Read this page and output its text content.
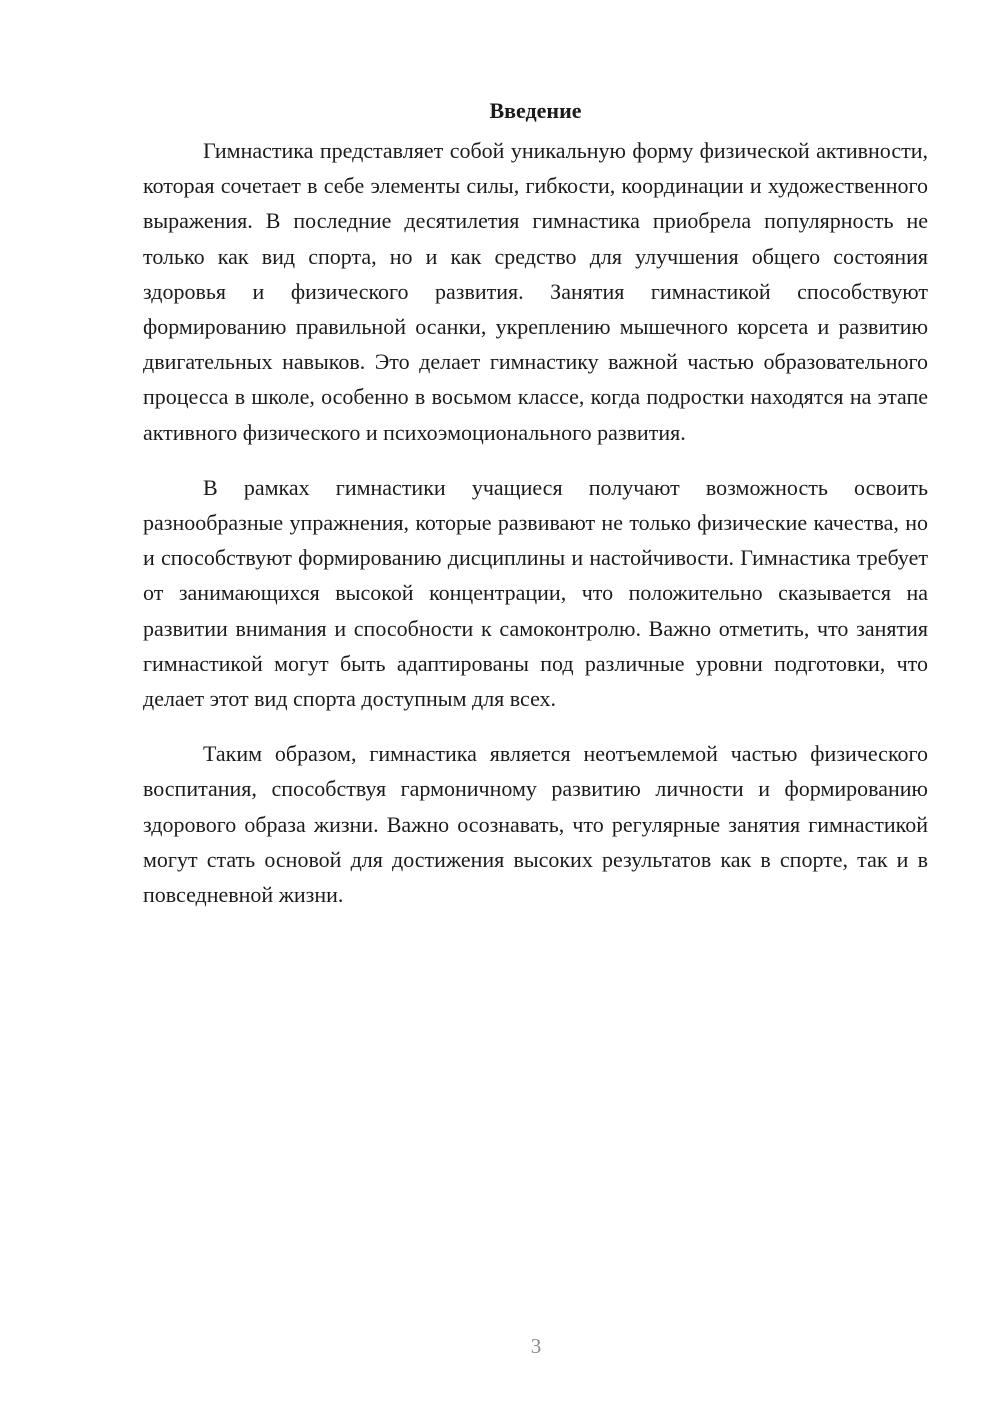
Введение

Гимнастика представляет собой уникальную форму физической активности, которая сочетает в себе элементы силы, гибкости, координации и художественного выражения. В последние десятилетия гимнастика приобрела популярность не только как вид спорта, но и как средство для улучшения общего состояния здоровья и физического развития. Занятия гимнастикой способствуют формированию правильной осанки, укреплению мышечного корсета и развитию двигательных навыков. Это делает гимнастику важной частью образовательного процесса в школе, особенно в восьмом классе, когда подростки находятся на этапе активного физического и психоэмоционального развития.

В рамках гимнастики учащиеся получают возможность освоить разнообразные упражнения, которые развивают не только физические качества, но и способствуют формированию дисциплины и настойчивости. Гимнастика требует от занимающихся высокой концентрации, что положительно сказывается на развитии внимания и способности к самоконтролю. Важно отметить, что занятия гимнастикой могут быть адаптированы под различные уровни подготовки, что делает этот вид спорта доступным для всех.

Таким образом, гимнастика является неотъемлемой частью физического воспитания, способствуя гармоничному развитию личности и формированию здорового образа жизни. Важно осознавать, что регулярные занятия гимнастикой могут стать основой для достижения высоких результатов как в спорте, так и в повседневной жизни.

3
